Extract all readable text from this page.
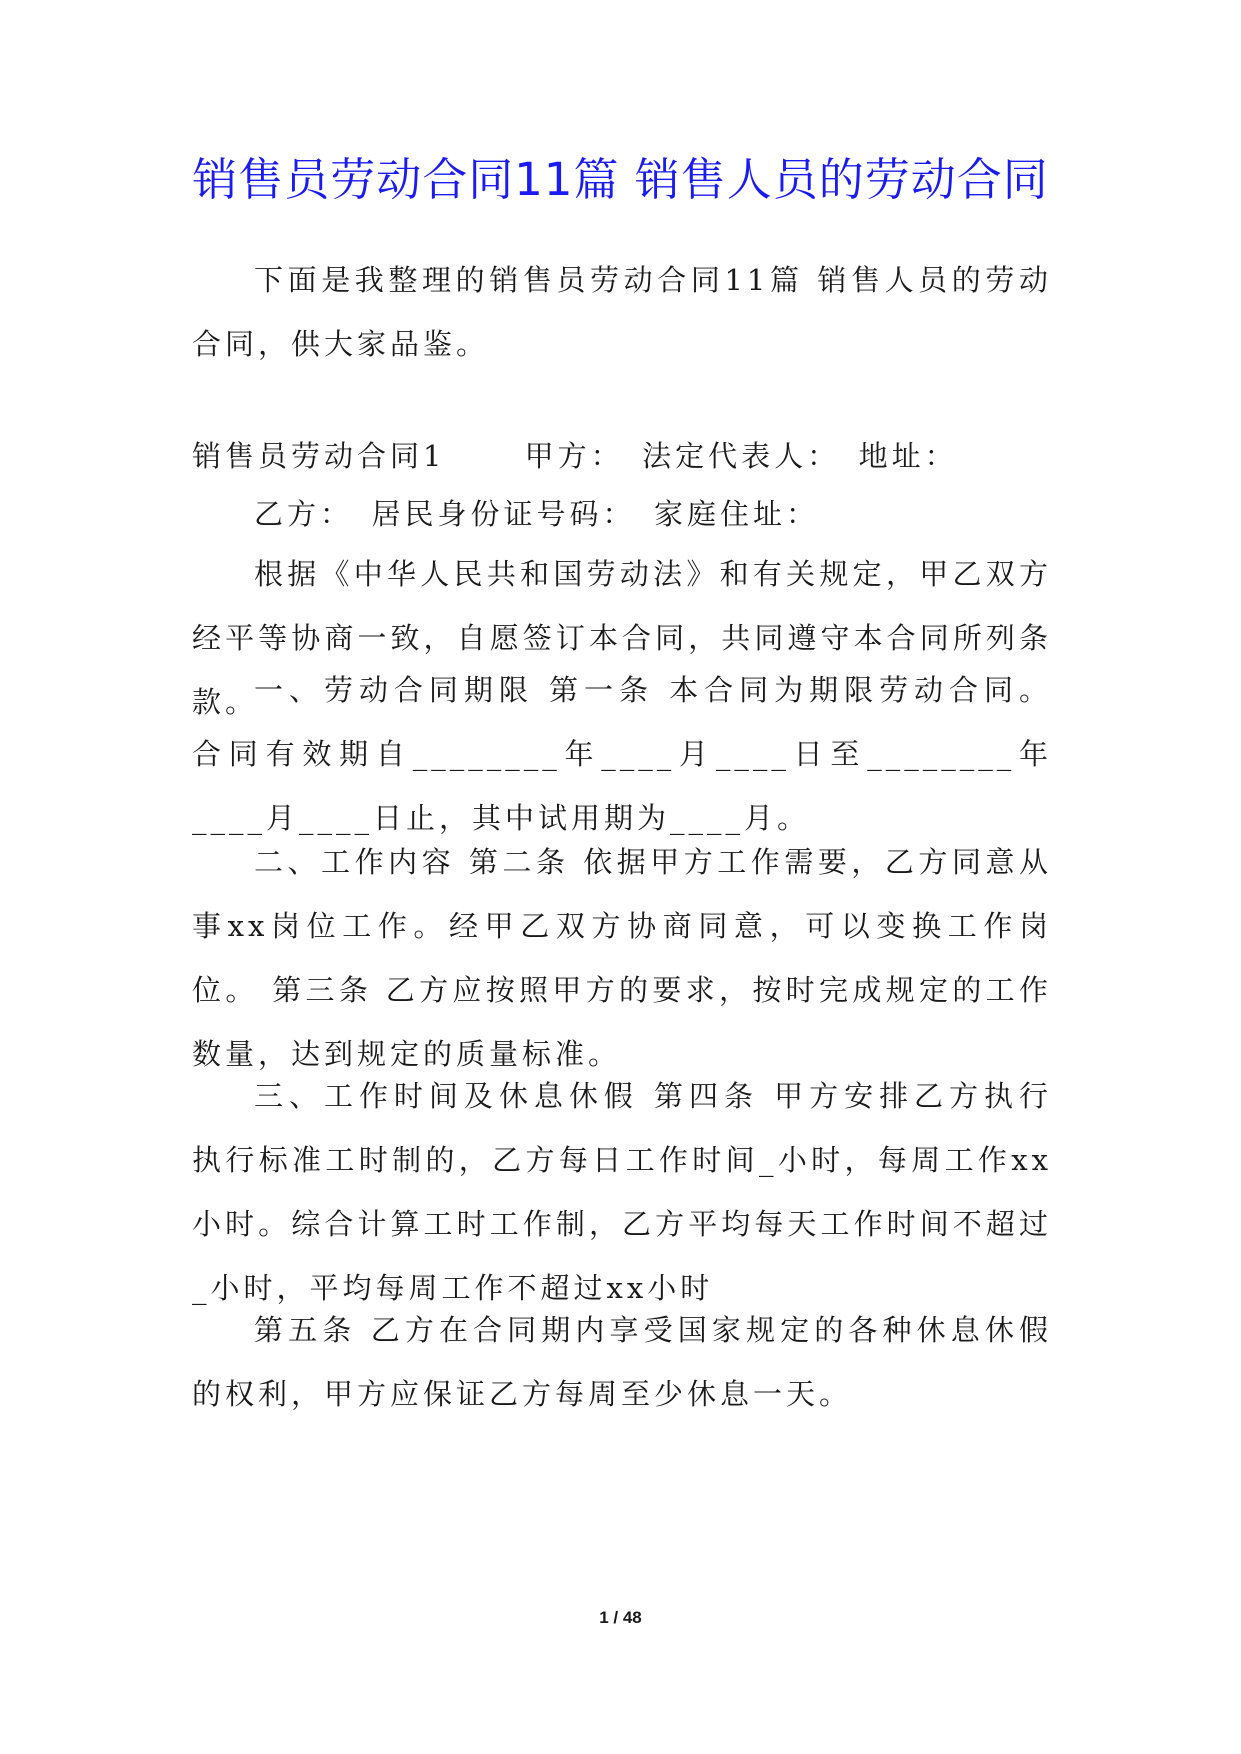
销售员劳动合同11篇 销售人员的劳动合同
下面是我整理的销售员劳动合同11篇 销售人员的劳动合同，供大家品鉴。
销售员劳动合同1　　 甲方：　法定代表人：　地址：
乙方：　居民身份证号码：　家庭住址：
根据《中华人民共和国劳动法》和有关规定，甲乙双方经平等协商一致，自愿签订本合同，共同遵守本合同所列条款。
一、劳动合同期限 第一条 本合同为期限劳动合同。 合同有效期自________年____月____日至________年____月____日止，其中试用期为____月。
二、工作内容 第二条 依据甲方工作需要，乙方同意从事xx岗位工作。经甲乙双方协商同意，可以变换工作岗位。 第三条 乙方应按照甲方的要求，按时完成规定的工作数量，达到规定的质量标准。
三、工作时间及休息休假 第四条 甲方安排乙方执行 执行标准工时制的，乙方每日工作时间_小时，每周工作xx小时。综合计算工时工作制，乙方平均每天工作时间不超过_小时，平均每周工作不超过xx小时
第五条 乙方在合同期内享受国家规定的各种休息休假的权利，甲方应保证乙方每周至少休息一天。
1 / 48
